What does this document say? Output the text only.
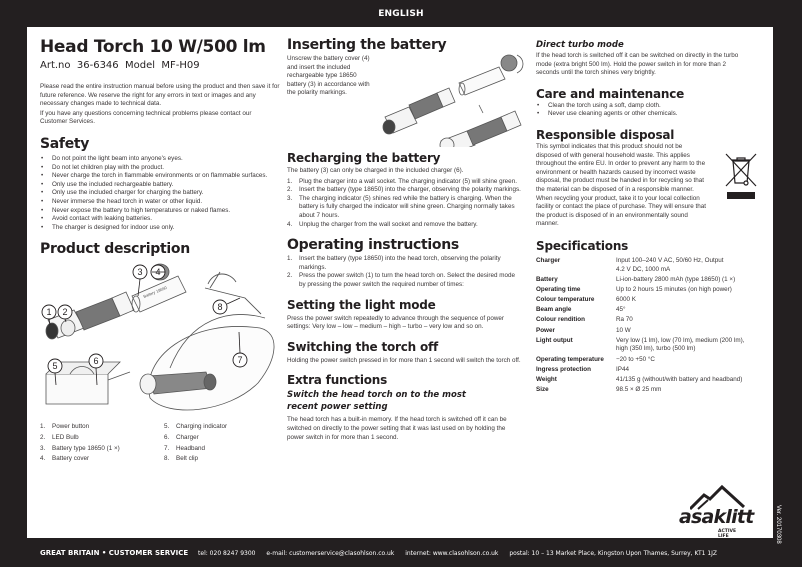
ENGLISH
Head Torch 10 W/500 lm
Art.no 36-6346 Model MF-H09

Please read the entire instruction manual before using the product and then save it for future reference. We reserve the right for any errors in text or images and any necessary changes made to technical data.

If you have any questions concerning technical problems please contact our Customer Services.

Safety
• Do not point the light beam into anyone's eyes.
• Do not let children play with the product.
• Never charge the torch in flammable environments or on flammable surfaces.
• Only use the included rechargeable battery.
• Only use the included charger for charging the battery.
• Never immerse the head torch in water or other liquid.
• Never expose the battery to high temperatures or naked flames.
• Avoid contact with leaking batteries.
• The charger is designed for indoor use only.
Product description
Battery 18650
1 2
3 4
5	6	7
8
1. Power button	5. Charging indicator
2. LED Bulb	6. Charger
3. Battery type 18650 (1 ×)	7. Headband
4. Battery cover	8. Belt clip
Inserting the battery

Unscrew the battery cover (4) and insert the included rechargeable type 18650 battery (3) in accordance with the polarity markings.

Recharging the battery

The battery (3) can only be charged in the included charger (6).

1. Plug the charger into a wall socket. The charging indicator (5) will shine green.
2. Insert the battery (type 18650) into the charger, observing the polarity markings.
3. The charging indicator (5) shines red while the battery is charging. When the battery is fully charged the indicator will shine green. Charging normally takes about 7 hours.
4. Unplug the charger from the wall socket and remove the battery.
Operating instructions
1. Insert the battery (type 18650) into the head torch, observing the polarity markings.
2. Press the power switch (1) to turn the head torch on. Select the desired mode by pressing the power switch the required number of times:
Setting the light mode

Press the power switch repeatedly to advance through the sequence of power settings: Very low – low – medium – high – turbo – very low and so on.

Switching the torch off

Holding the power switch pressed in for more than 1 second will switch the torch off.

Extra functions
Switch the head torch on to the most recent power setting

The head torch has a built-in memory. If the head torch is switched off it can be switched on directly to the power setting that it was last used on by holding the power switch in for more than 1 second.

Direct turbo mode

If the head torch is switched off it can be switched on directly in the turbo mode (extra bright 500 lm). Hold the power switch in for more than 2 seconds until the torch shines very brightly.

Care and maintenance
• Clean the torch using a soft, damp cloth.
• Never use cleaning agents or other chemicals.
Responsible disposal

This symbol indicates that this product should not be disposed of with general household waste. This applies throughout the entire EU. In order to prevent any harm to the environment or health hazards caused by incorrect waste disposal, the product must be handed in for recycling so that the material can be disposed of in a responsible manner. When recycling your product, take it to your local collection facility or contact the place of purchase. They will ensure that the product is disposed of in an environmentally sound manner.

Specifications
Charger	Input 100–240 V AC, 50/60 Hz, Output 4.2 V DC, 1000 mA
Battery	Li-ion-battery 2800 mAh (type 18650) (1 ×)
Operating time	Up to 2 hours 15 minutes (on high power)
Colour temperature	6000 K
Beam angle	45°
Colour rendition	Ra 70
Power	10 W
Light output	Very low (1 lm), low (70 lm), medium (200 lm), high (350 lm), turbo (500 lm)
Operating temperature	−20 to +50 °C
Ingress protection	IP44
Weight	41/135 g (without/with battery and headband)
Size	98.5 × Ø 25 mm
asaklitt
ACTIVE LIFE	Ver. 20170308
GREAT BRITAIN • CUSTOMER SERVICE tel: 020 8247 9300 e-mail: customerservice@clasohlson.co.uk internet: www.clasohlson.co.uk postal: 10 – 13 Market Place, Kingston Upon Thames, Surrey, KT1 1JZ
